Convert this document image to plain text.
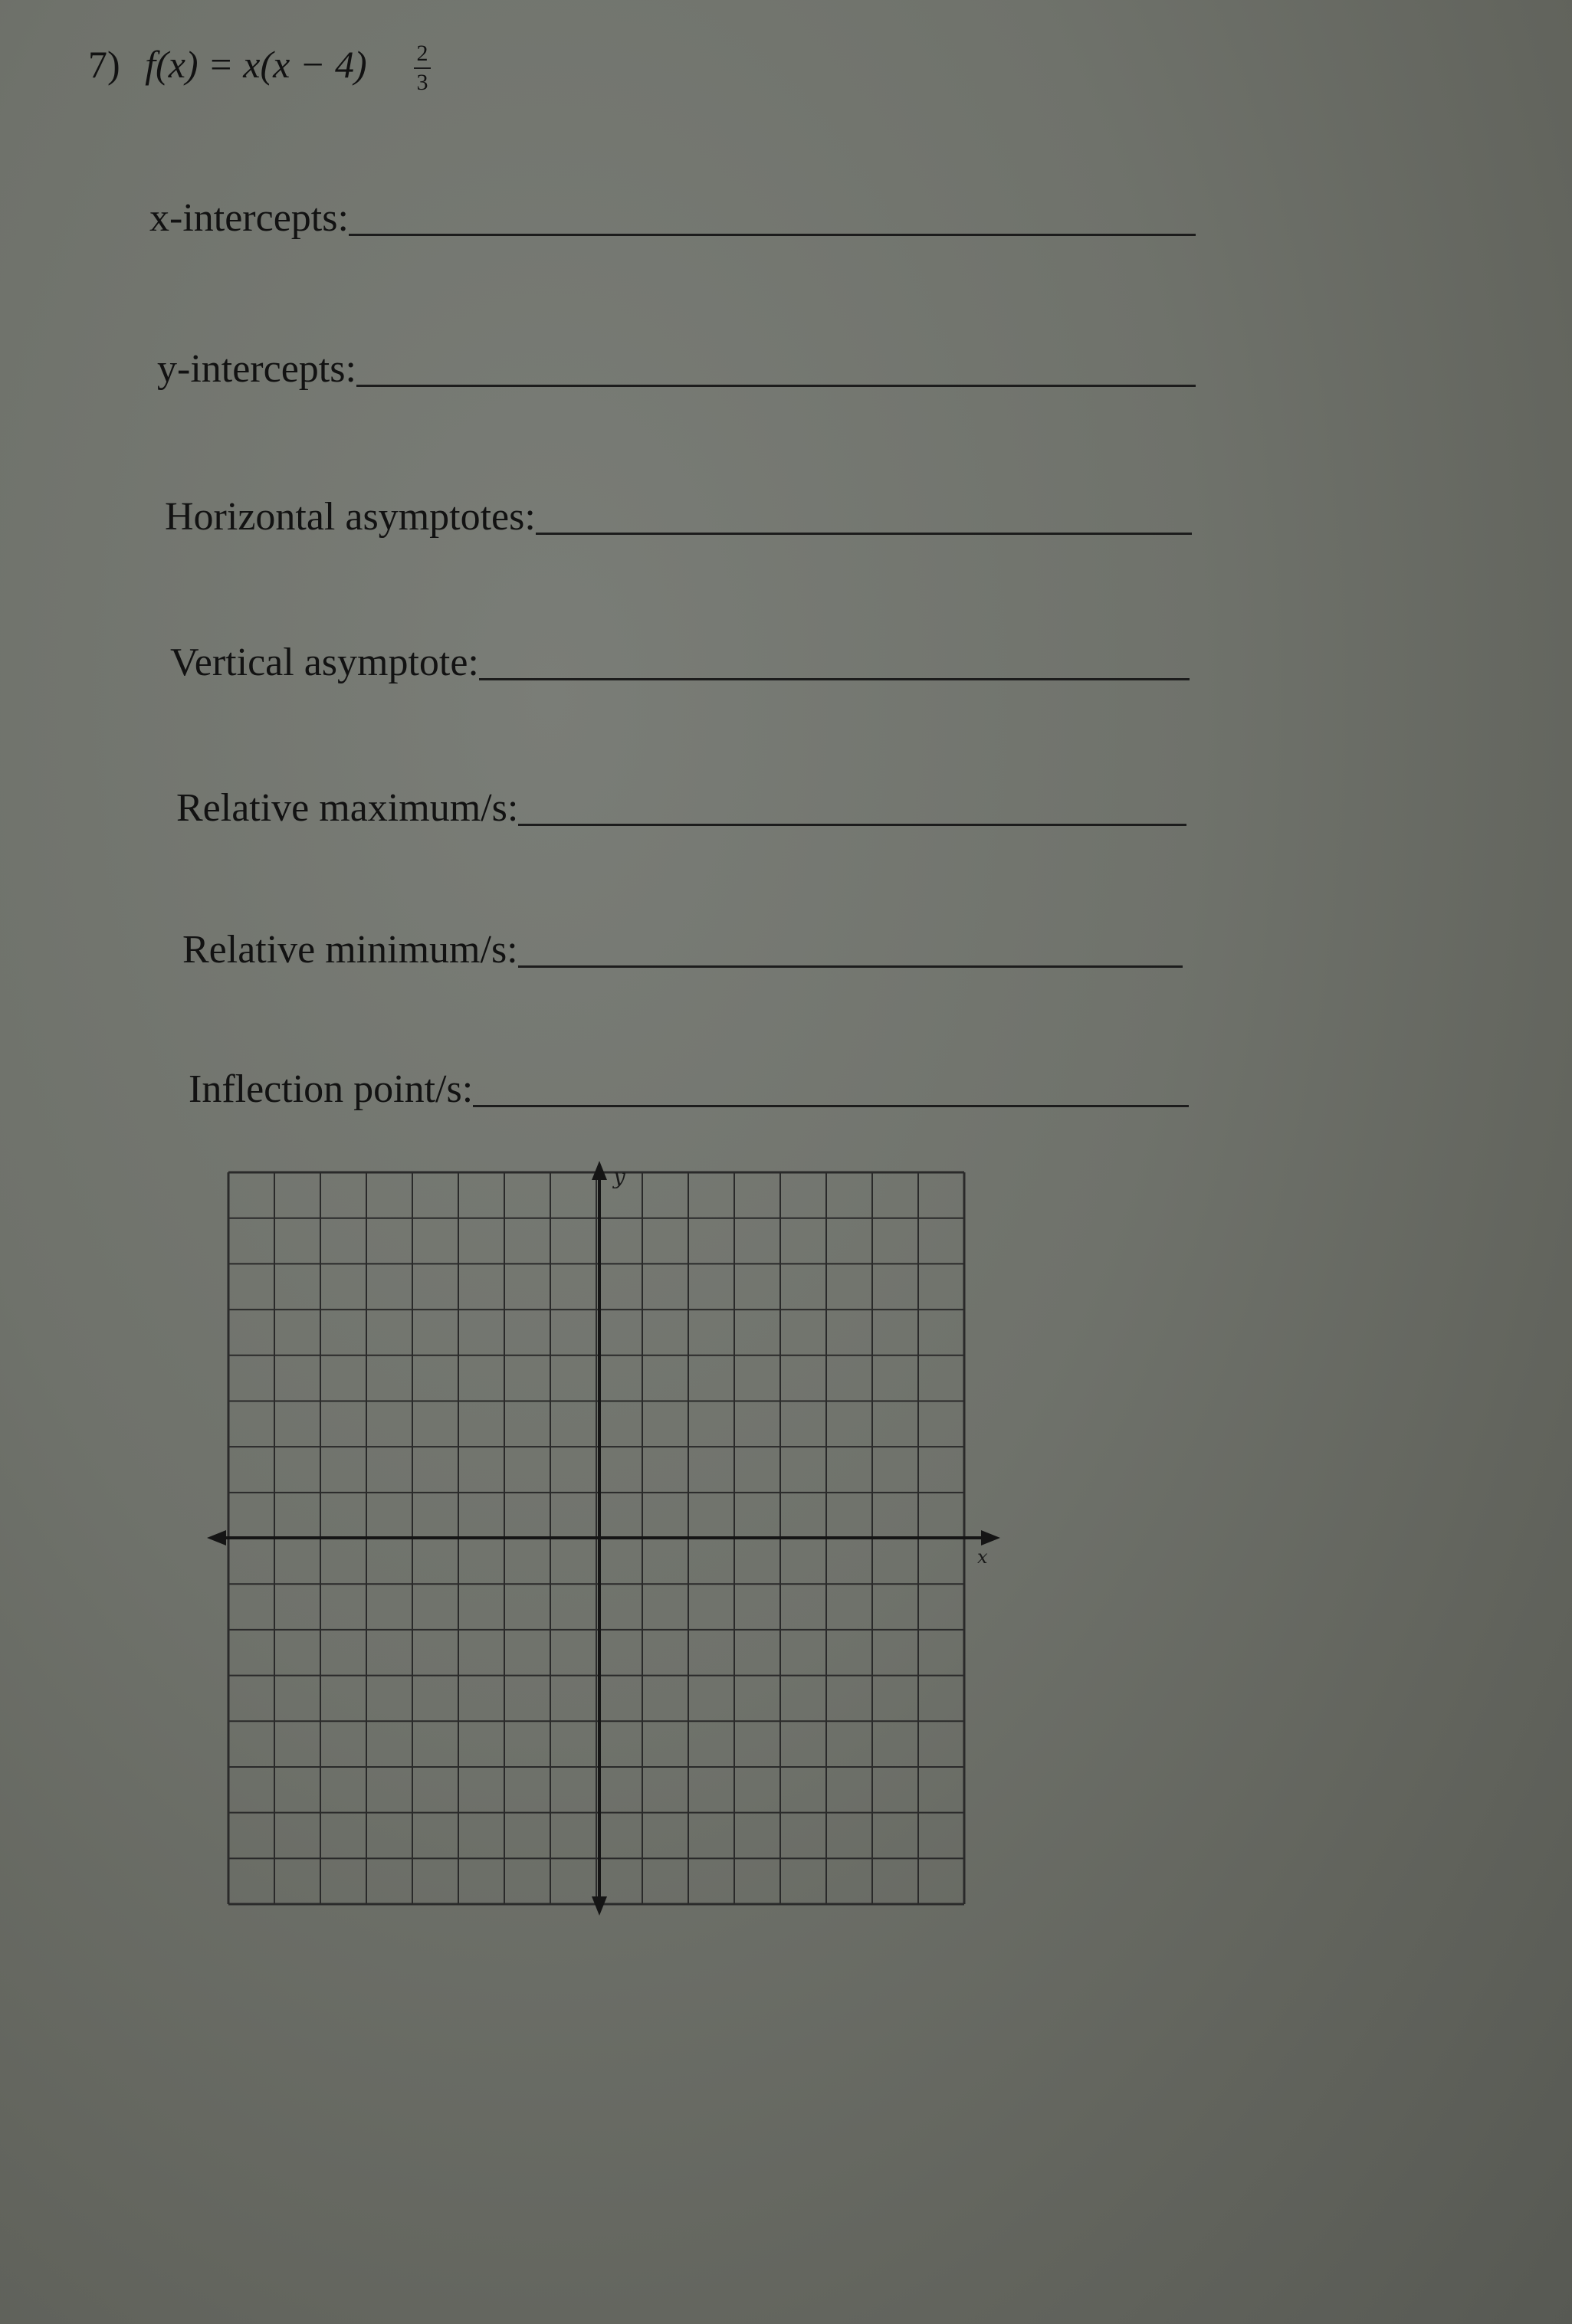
7) f(x) = x(x − 4) 2
3
x-intercepts:
y-intercepts:
Horizontal asymptotes:
Vertical asymptote:
Relative maximum/s:
Relative minimum/s:
Inflection point/s:
y
x
